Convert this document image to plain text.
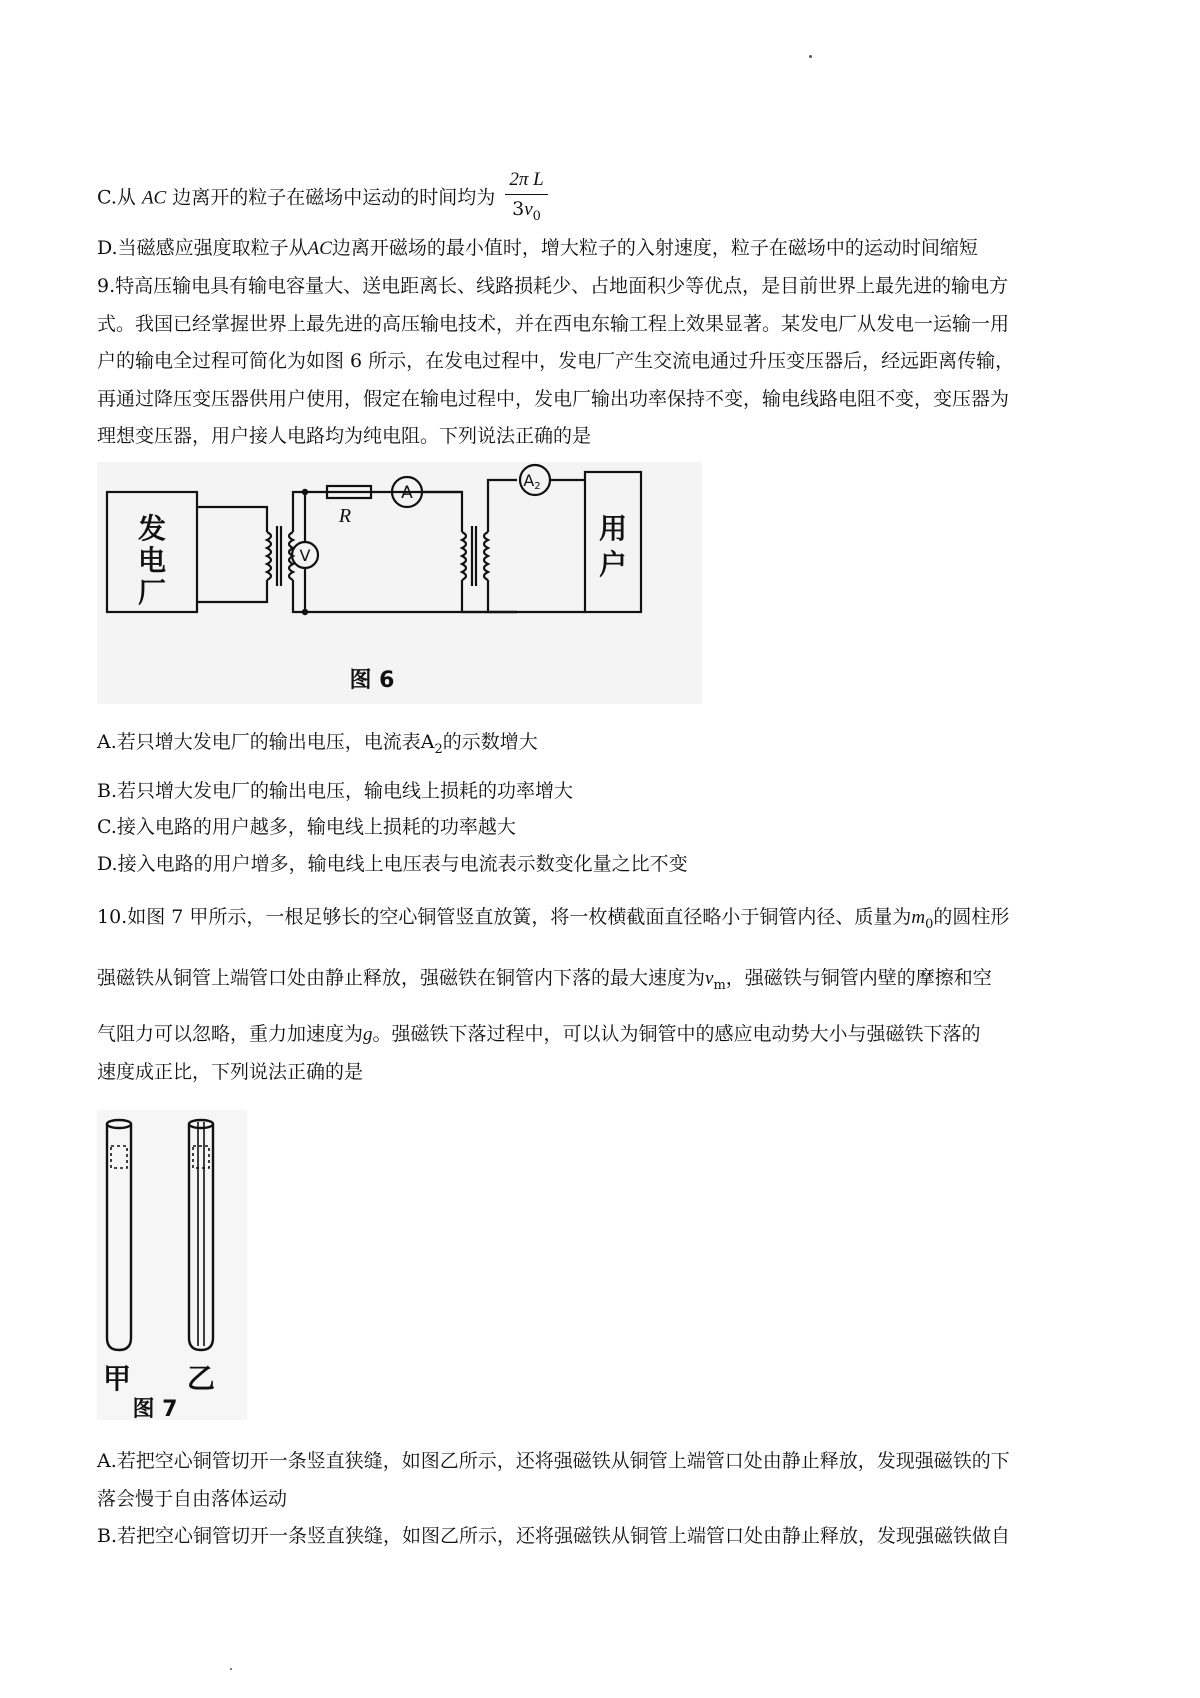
C.从 AC 边离开的粒子在磁场中运动的时间均为 $\frac{\text{2π L}}{3v_0}$
D.当磁感应强度取粒子从AC边离开磁场的最小值时，增大粒子的入射速度，粒子在磁场中的运动时间缩短
9.特高压输电具有输电容量大、送电距离长、线路损耗少、占地面积少等优点，是目前世界上最先进的输电方
式。我国已经掌握世界上最先进的高压输电技术，并在西电东输工程上效果显著。某发电厂从发电一运输一用
户的输电全过程可简化为如图 6 所示，在发电过程中，发电厂产生交流电通过升压变压器后，经远距离传输，
再通过降压变压器供用户使用，假定在输电过程中，发电厂输出功率保持不变，输电线路电阻不变，变压器为
理想变压器，用户接人电路均为纯电阻。下列说法正确的是
发
电
厂
用
户
V
A
A2
R
图 6
A.若只增大发电厂的输出电压，电流表$A_2$的示数增大
B.若只增大发电厂的输出电压，输电线上损耗的功率增大
C.接入电路的用户越多，输电线上损耗的功率越大
D.接入电路的用户增多，输电线上电压表与电流表示数变化量之比不变
10.如图 7 甲所示，一根足够长的空心铜管竖直放簧，将一枚横截面直径略小于铜管内径、质量为$m_0$的圆柱形
强磁铁从铜管上端管口处由静止释放，强磁铁在铜管内下落的最大速度为$v_m$，强磁铁与铜管内壁的摩擦和空
气阻力可以忽略，重力加速度为g。强磁铁下落过程中，可以认为铜管中的感应电动势大小与强磁铁下落的
速度成正比，下列说法正确的是
甲 乙
图 7
A.若把空心铜管切开一条竖直狭缝，如图乙所示，还将强磁铁从铜管上端管口处由静止释放，发现强磁铁的下
落会慢于自由落体运动
B.若把空心铜管切开一条竖直狭缝，如图乙所示，还将强磁铁从铜管上端管口处由静止释放，发现强磁铁做自
